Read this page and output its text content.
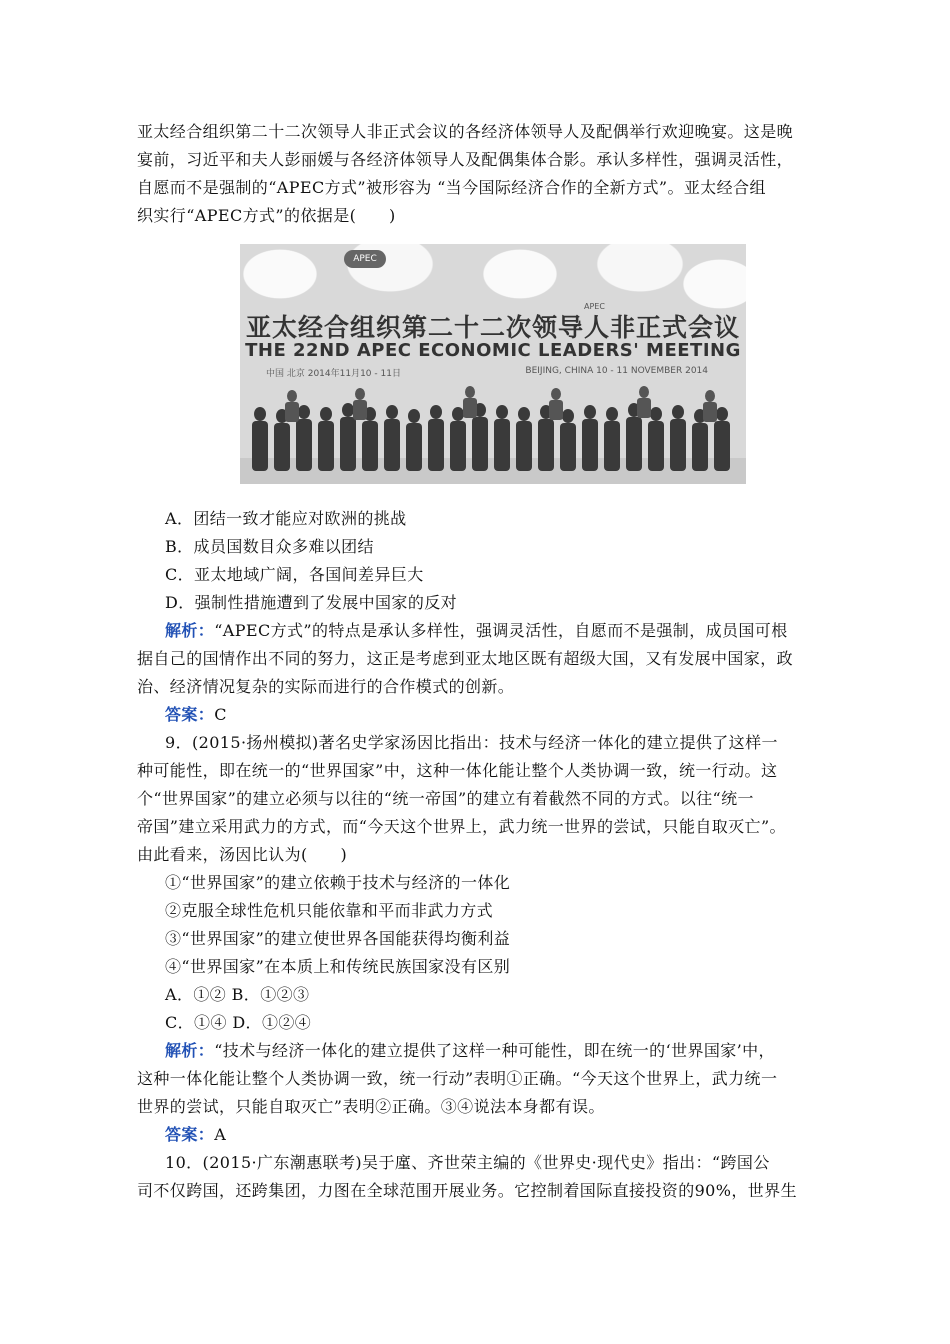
亚太经合组织第二十二次领导人非正式会议的各经济体领导人及配偶举行欢迎晚宴。这是晚
宴前，习近平和夫人彭丽媛与各经济体领导人及配偶集体合影。承认多样性，强调灵活性，
自愿而不是强制的“APEC方式”被形容为 “当今国际经济合作的全新方式”。亚太经合组
织实行“APEC方式”的依据是(　　)
APEC
APEC
亚太经合组织第二十二次领导人非正式会议
THE 22ND APEC ECONOMIC LEADERS' MEETING
中国 北京 2014年11月10 - 11日	BEIJING, CHINA 10 - 11 NOVEMBER 2014
A．团结一致才能应对欧洲的挑战
B．成员国数目众多难以团结
C．亚太地域广阔，各国间差异巨大
D．强制性措施遭到了发展中国家的反对
解析：“APEC方式”的特点是承认多样性，强调灵活性，自愿而不是强制，成员国可根
据自己的国情作出不同的努力，这正是考虑到亚太地区既有超级大国，又有发展中国家，政
治、经济情况复杂的实际而进行的合作模式的创新。
答案：C
9．(2015·扬州模拟)著名史学家汤因比指出：技术与经济一体化的建立提供了这样一
种可能性，即在统一的“世界国家”中，这种一体化能让整个人类协调一致，统一行动。这
个“世界国家”的建立必须与以往的“统一帝国”的建立有着截然不同的方式。以往“统一
帝国”建立采用武力的方式，而“今天这个世界上，武力统一世界的尝试，只能自取灭亡”。
由此看来，汤因比认为(　　)
①“世界国家”的建立依赖于技术与经济的一体化
②克服全球性危机只能依靠和平而非武力方式
③“世界国家”的建立使世界各国能获得均衡利益
④“世界国家”在本质上和传统民族国家没有区别
A．①② B．①②③
C．①④ D．①②④
解析：“技术与经济一体化的建立提供了这样一种可能性，即在统一的‘世界国家’中，
这种一体化能让整个人类协调一致，统一行动”表明①正确。“今天这个世界上，武力统一
世界的尝试，只能自取灭亡”表明②正确。③④说法本身都有误。
答案：A
10．(2015·广东潮惠联考)吴于廑、齐世荣主编的《世界史·现代史》指出：“跨国公
司不仅跨国，还跨集团，力图在全球范围开展业务。它控制着国际直接投资的90%，世界生
